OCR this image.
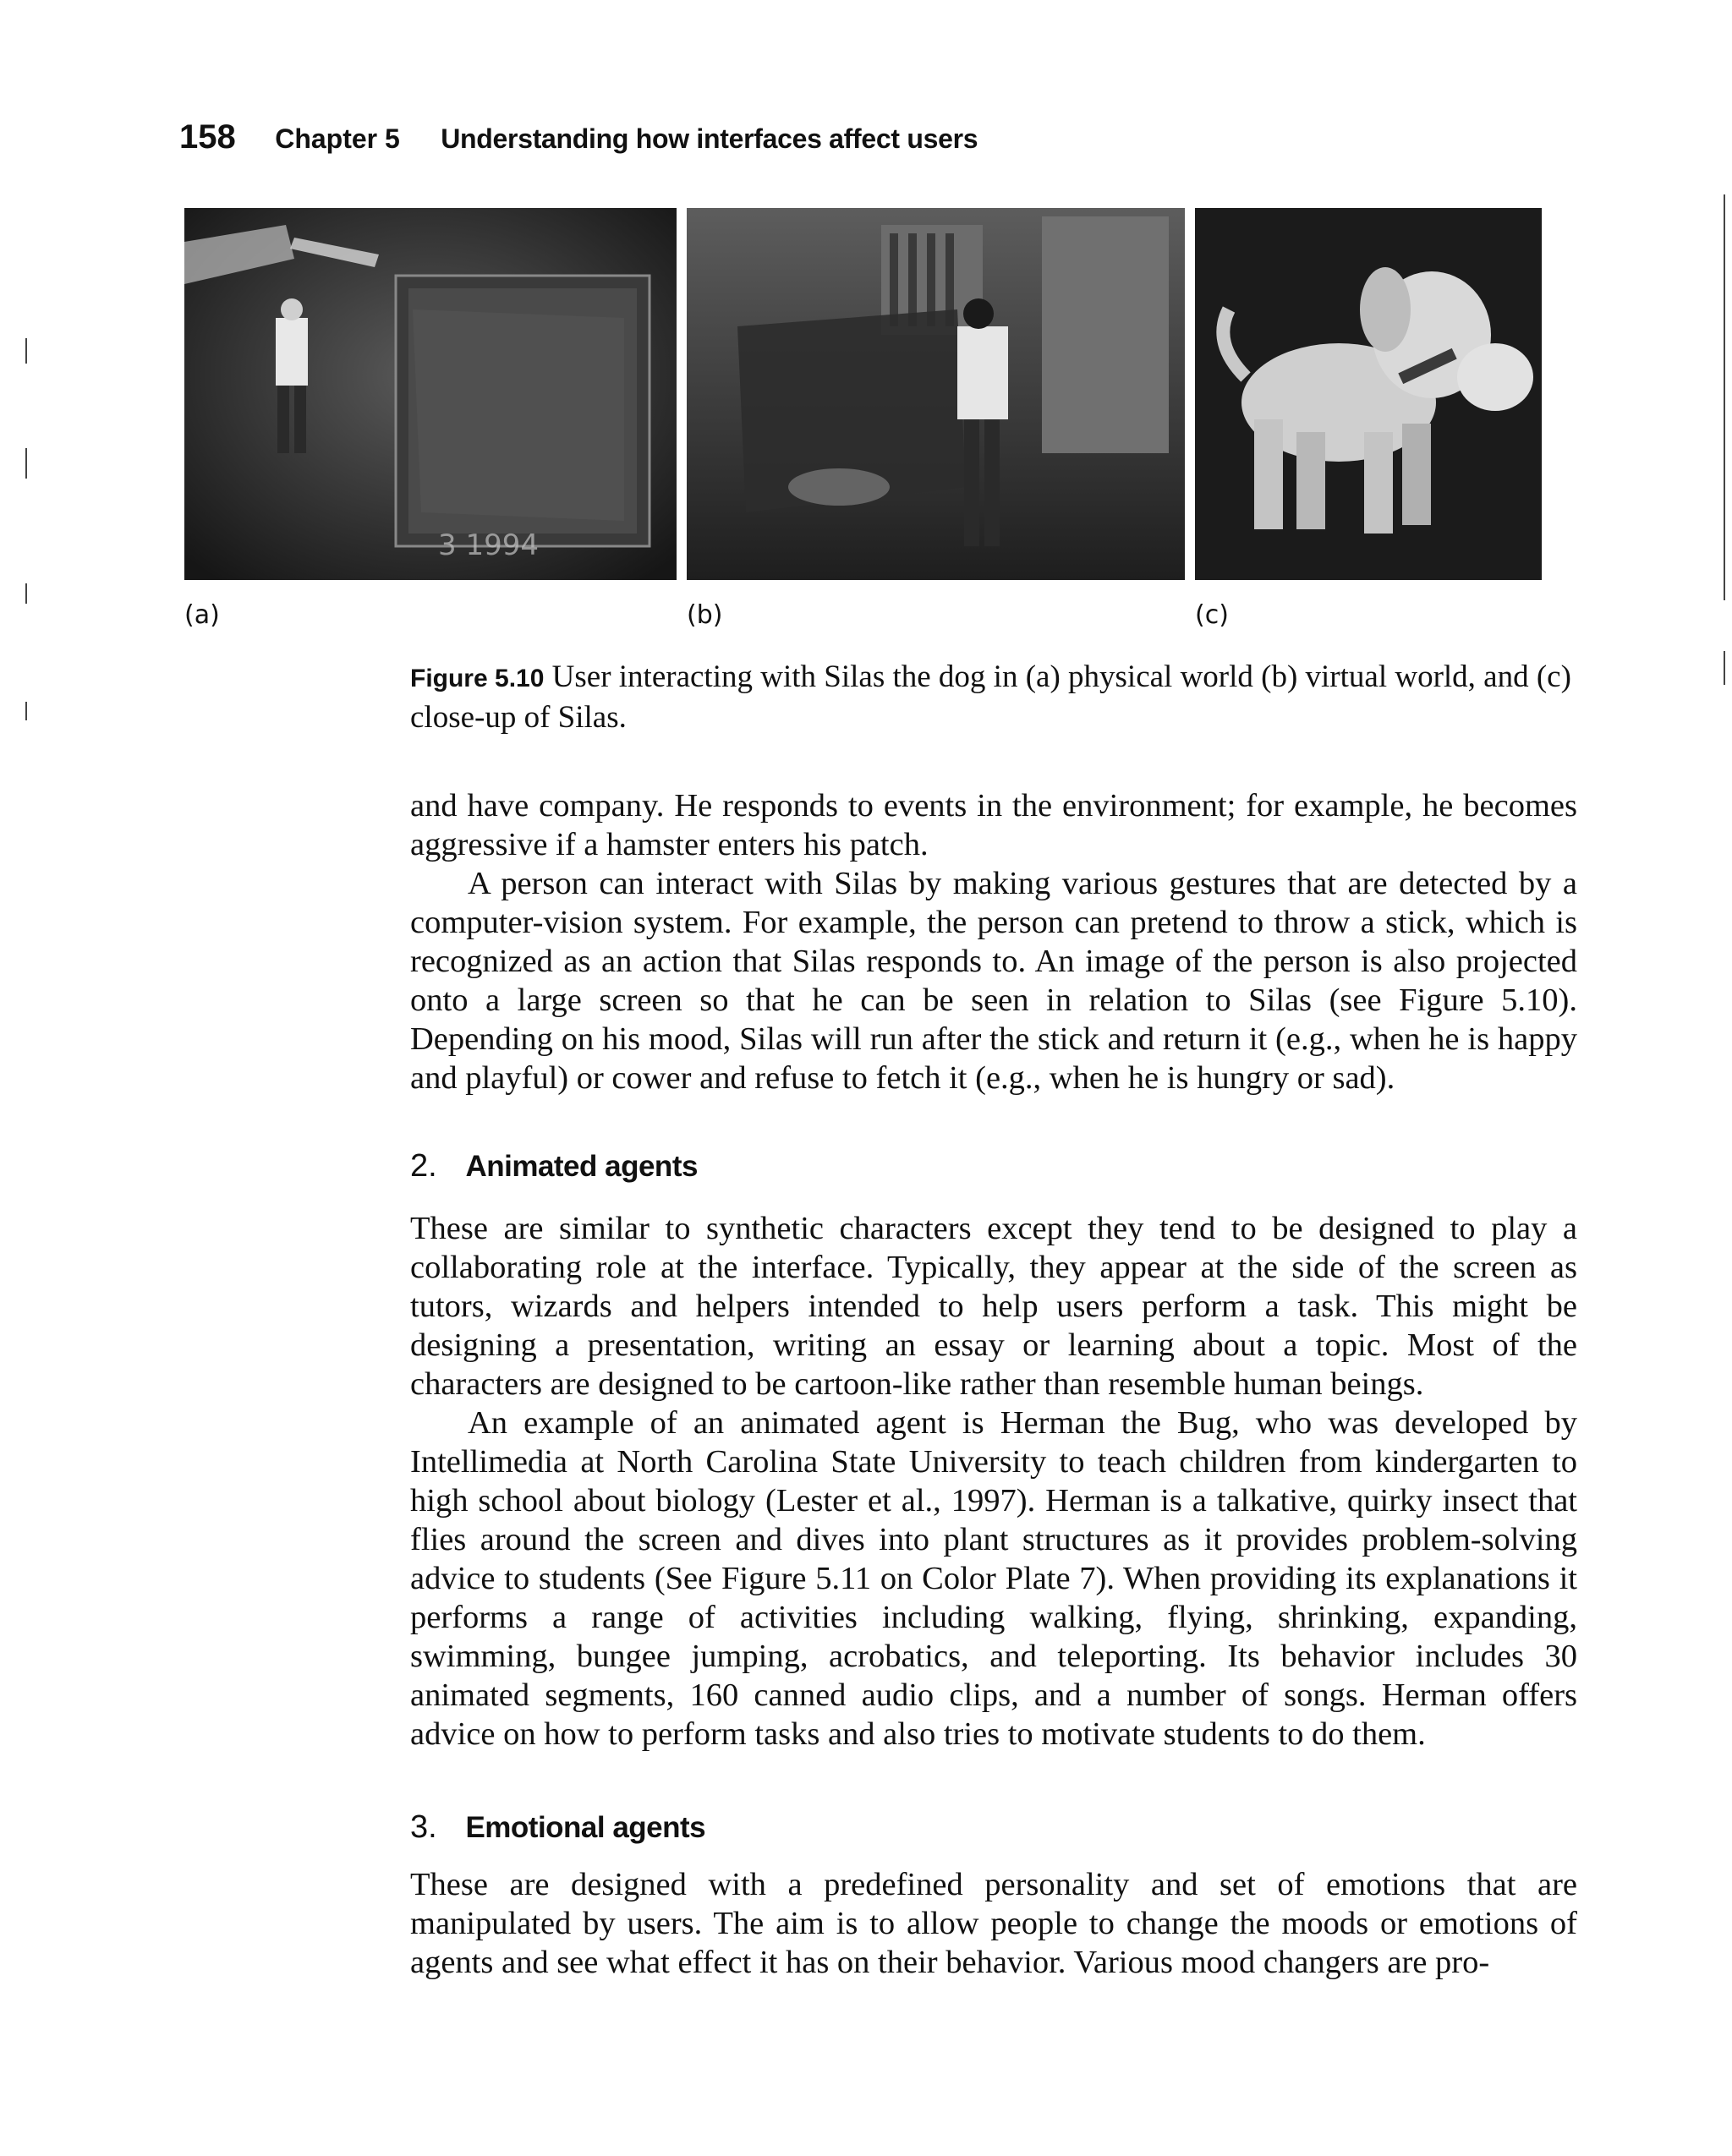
158 Chapter 5 Understanding how interfaces affect users
3 1994
(a)	(b)	(c)
Figure 5.10 User interacting with Silas the dog in (a) physical world (b) virtual world, and (c) close-up of Silas.

and have company. He responds to events in the environment; for example, he becomes aggressive if a hamster enters his patch.

A person can interact with Silas by making various gestures that are detected by a computer-vision system. For example, the person can pretend to throw a stick, which is recognized as an action that Silas responds to. An image of the person is also projected onto a large screen so that he can be seen in relation to Silas (see Figure 5.10). Depending on his mood, Silas will run after the stick and return it (e.g., when he is happy and playful) or cower and refuse to fetch it (e.g., when he is hungry or sad).

2. Animated agents

These are similar to synthetic characters except they tend to be designed to play a collaborating role at the interface. Typically, they appear at the side of the screen as tutors, wizards and helpers intended to help users perform a task. This might be designing a presentation, writing an essay or learning about a topic. Most of the characters are designed to be cartoon-like rather than resemble human beings.

An example of an animated agent is Herman the Bug, who was developed by Intellimedia at North Carolina State University to teach children from kindergarten to high school about biology (Lester et al., 1997). Herman is a talkative, quirky insect that flies around the screen and dives into plant structures as it provides problem-solving advice to students (See Figure 5.11 on Color Plate 7). When providing its explanations it performs a range of activities including walking, flying, shrinking, expanding, swimming, bungee jumping, acrobatics, and teleporting. Its behavior includes 30 animated segments, 160 canned audio clips, and a number of songs. Herman offers advice on how to perform tasks and also tries to motivate students to do them.

3. Emotional agents

These are designed with a predefined personality and set of emotions that are manipulated by users. The aim is to allow people to change the moods or emotions of agents and see what effect it has on their behavior. Various mood changers are pro-
